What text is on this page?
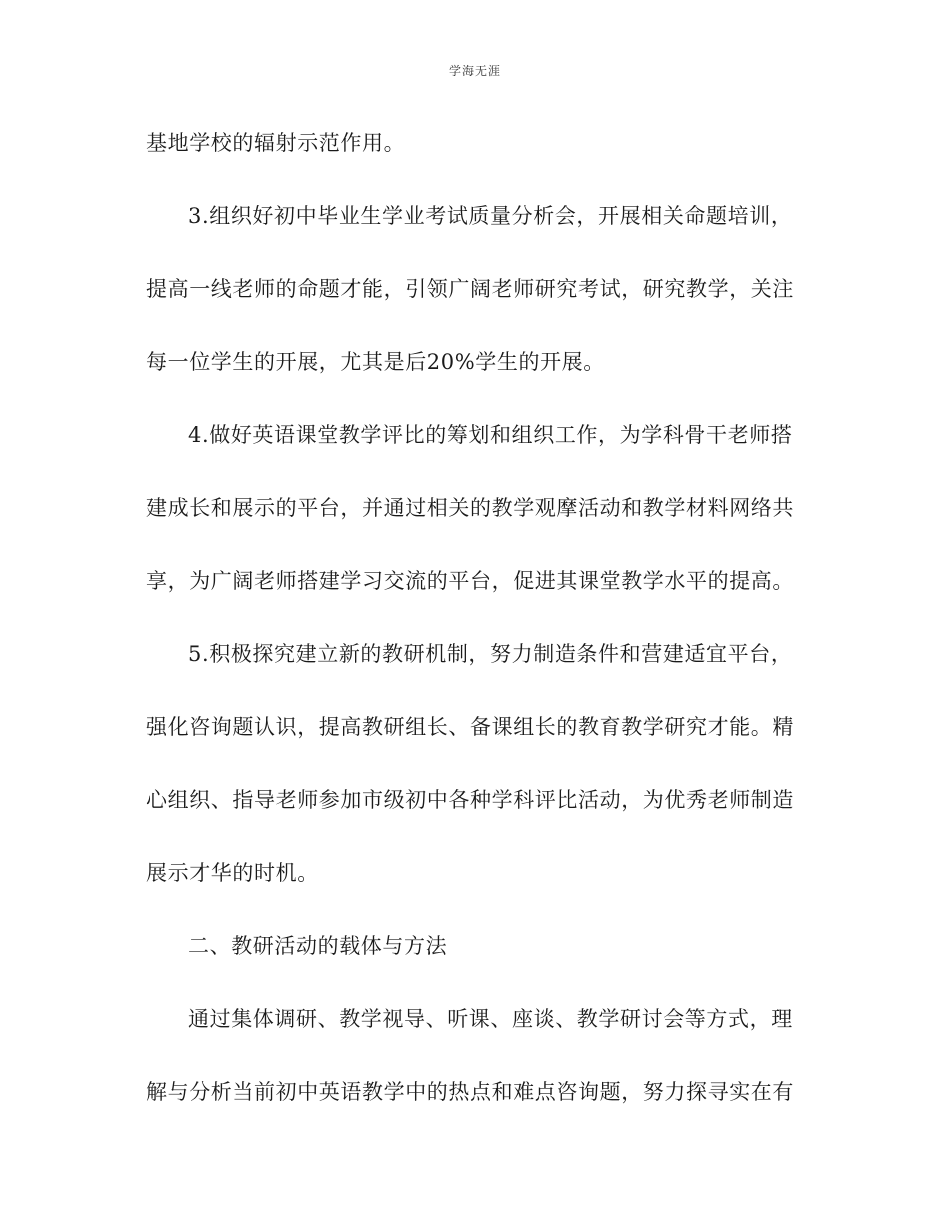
学海无涯
基地学校的辐射示范作用。
3.组织好初中毕业生学业考试质量分析会，开展相关命题培训，
提高一线老师的命题才能，引领广阔老师研究考试，研究教学，关注
每一位学生的开展，尤其是后20%学生的开展。
4.做好英语课堂教学评比的筹划和组织工作，为学科骨干老师搭
建成长和展示的平台，并通过相关的教学观摩活动和教学材料网络共
享，为广阔老师搭建学习交流的平台，促进其课堂教学水平的提高。
5.积极探究建立新的教研机制，努力制造条件和营建适宜平台，
强化咨询题认识，提高教研组长、备课组长的教育教学研究才能。精
心组织、指导老师参加市级初中各种学科评比活动，为优秀老师制造
展示才华的时机。
二、教研活动的载体与方法
通过集体调研、教学视导、听课、座谈、教学研讨会等方式，理
解与分析当前初中英语教学中的热点和难点咨询题，努力探寻实在有
